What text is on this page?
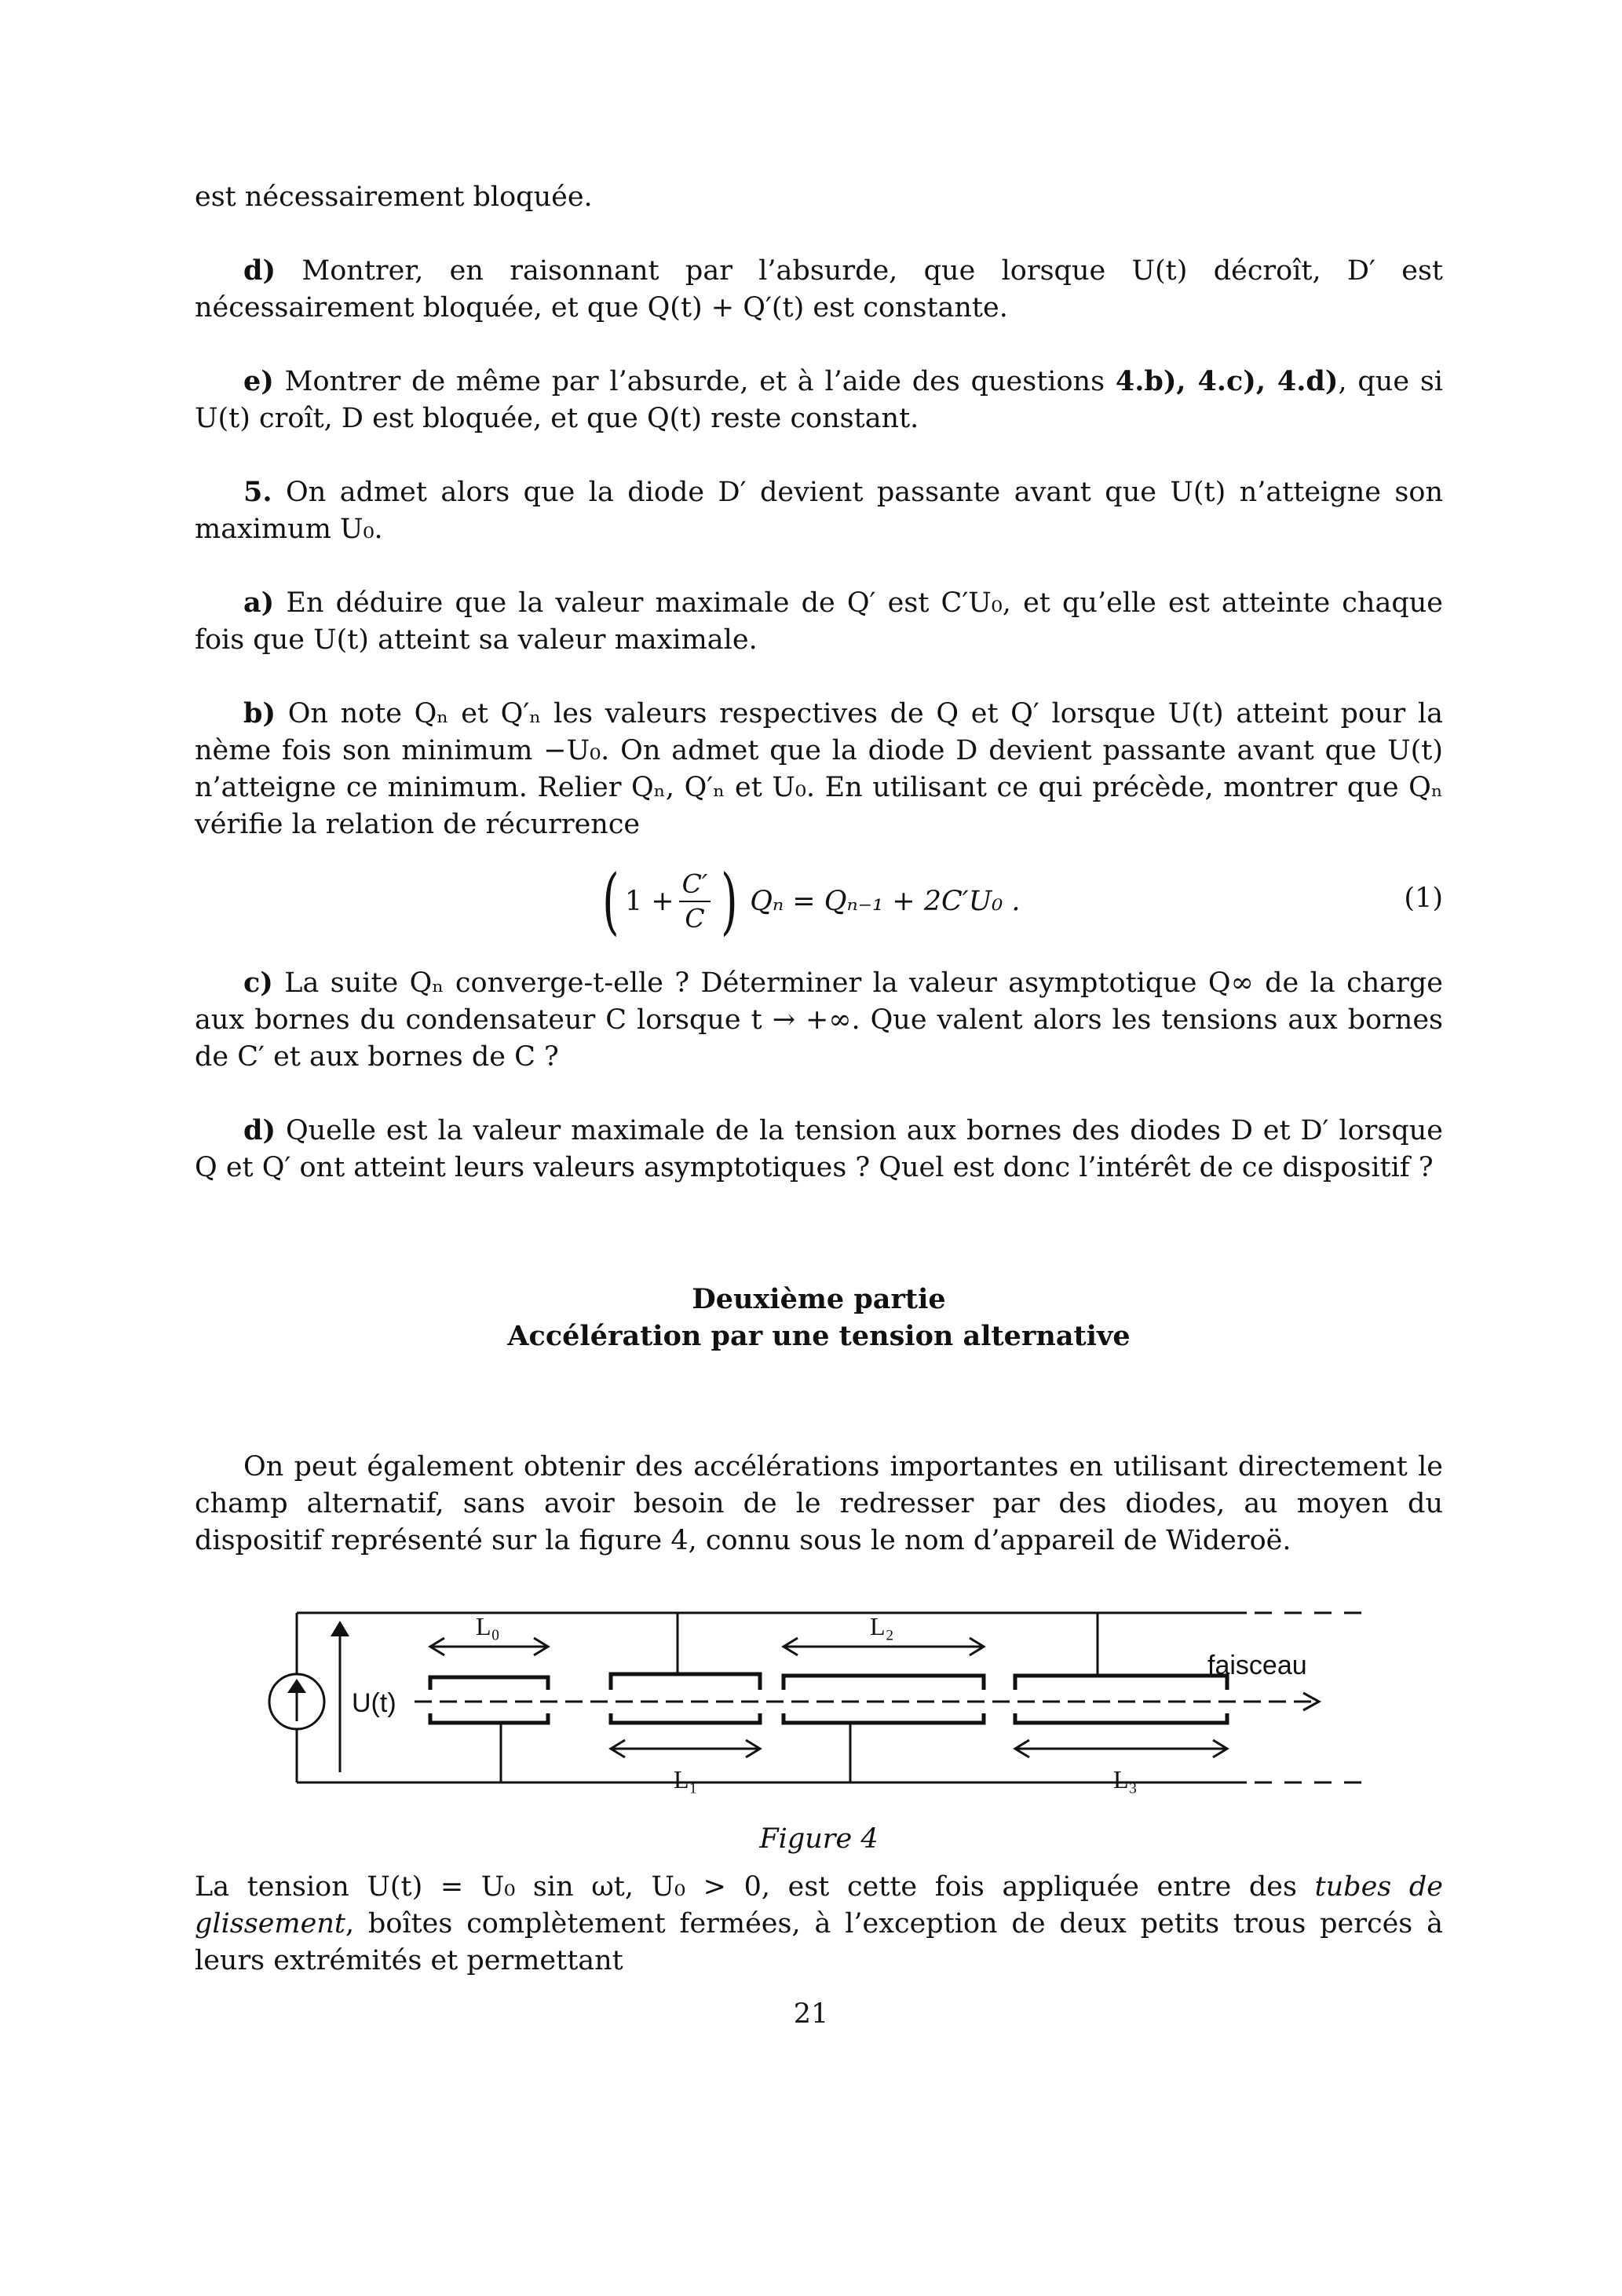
est nécessairement bloquée.

d) Montrer, en raisonnant par l’absurde, que lorsque U(t) décroît, D′ est nécessairement bloquée, et que Q(t) + Q′(t) est constante.

e) Montrer de même par l’absurde, et à l’aide des questions 4.b), 4.c), 4.d), que si U(t) croît, D est bloquée, et que Q(t) reste constant.

5. On admet alors que la diode D′ devient passante avant que U(t) n’atteigne son maximum U₀.

a) En déduire que la valeur maximale de Q′ est C′U₀, et qu’elle est atteinte chaque fois que U(t) atteint sa valeur maximale.

b) On note Qₙ et Q′ₙ les valeurs respectives de Q et Q′ lorsque U(t) atteint pour la nème fois son minimum −U₀. On admet que la diode D devient passante avant que U(t) n’atteigne ce minimum. Relier Qₙ, Q′ₙ et U₀. En utilisant ce qui précède, montrer que Qₙ vérifie la relation de récurrence

( $1 + \frac{C'}{C}$ ) Qₙ = Qₙ₋₁ + 2C′U₀ .	(1)

c) La suite Qₙ converge-t-elle ? Déterminer la valeur asymptotique Q∞ de la charge aux bornes du condensateur C lorsque t → +∞. Que valent alors les tensions aux bornes de C′ et aux bornes de C ?

d) Quelle est la valeur maximale de la tension aux bornes des diodes D et D′ lorsque Q et Q′ ont atteint leurs valeurs asymptotiques ? Quel est donc l’intérêt de ce dispositif ?

Deuxième partie
Accélération par une tension alternative

On peut également obtenir des accélérations importantes en utilisant directement le champ alternatif, sans avoir besoin de le redresser par des diodes, au moyen du dispositif représenté sur la figure 4, connu sous le nom d’appareil de Wideroë.

U(t)
faisceau
L₀
L₁
L₂
L₃
Figure 4

La tension U(t) = U₀ sin ωt, U₀ > 0, est cette fois appliquée entre des tubes de glissement, boîtes complètement fermées, à l’exception de deux petits trous percés à leurs extrémités et permettant

21
